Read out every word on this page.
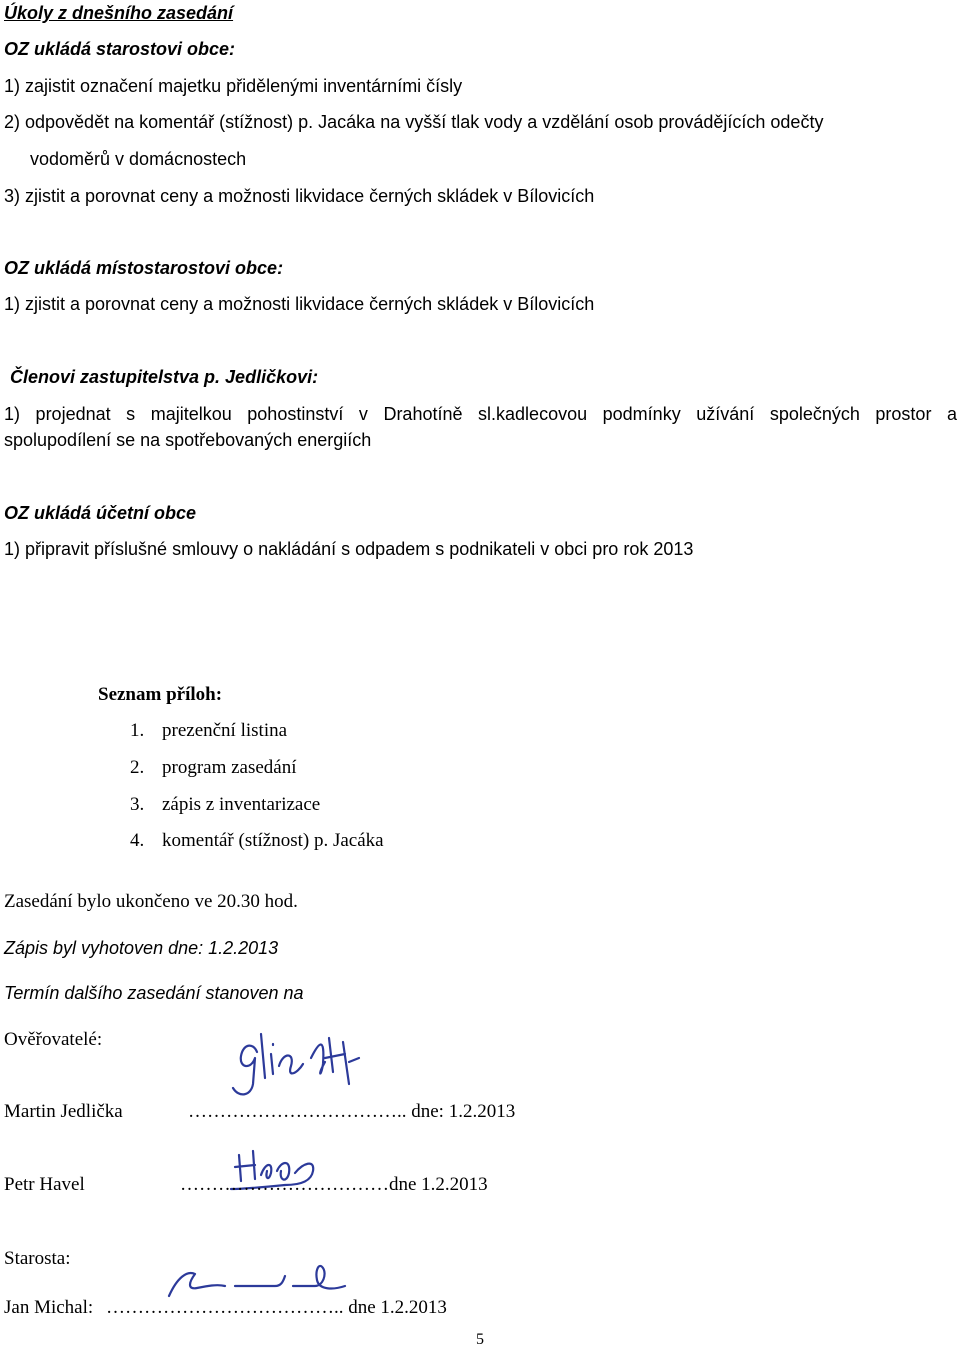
Úkoly z dnešního zasedání
OZ ukládá starostovi obce:
1) zajistit označení majetku přidělenými inventárními čísly
2) odpovědět na komentář (stížnost) p. Jacáka na vyšší tlak vody a vzdělání osob provádějících odečty
vodoměrů v domácnostech
3) zjistit a porovnat ceny a možnosti likvidace černých skládek v Bílovicích
OZ ukládá místostarostovi obce:
1) zjistit a porovnat ceny a možnosti likvidace černých skládek v Bílovicích
Členovi zastupitelstva p. Jedličkovi:
1) projednat s majitelkou pohostinství v Drahotíně sl.kadlecovou podmínky užívání společných prostor a
spolupodílení se na spotřebovaných energiích
OZ ukládá účetní obce
1) připravit příslušné smlouvy o nakládání s odpadem s podnikateli v obci pro rok 2013
Seznam příloh:
1. prezenční listina
2. program zasedání
3. zápis z inventarizace
4. komentář (stížnost) p. Jacáka
Zasedání bylo ukončeno ve 20.30 hod.
Zápis byl vyhotoven dne: 1.2.2013
Termín dalšího zasedání stanoven na
Ověřovatelé:
Martin Jedlička	…………………………….. dne: 1.2.2013
Petr Havel	……………………………dne 1.2.2013
Starosta:
Jan Michal: ……………………………….. dne 1.2.2013
5
